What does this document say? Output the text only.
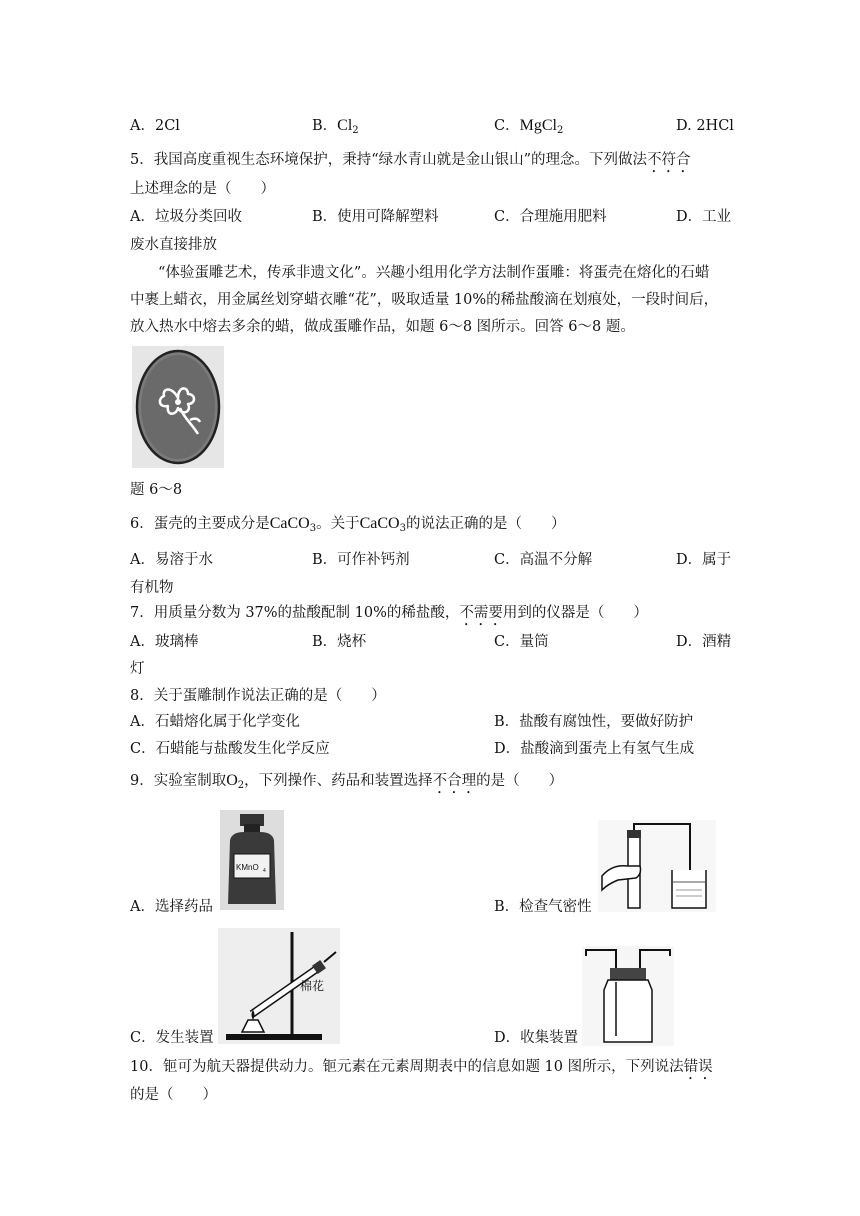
A．2Cl	B．$Cl_2$	C．MgCl$_2$	D. 2HCl
5．我国高度重视生态环境保护，秉持“绿水青山就是金山银山”的理念。下列做法不符合
上述理念的是（　　）
A．垃圾分类回收	B．使用可降解塑料	C．合理施用肥料	D．工业
废水直接排放
“体验蛋雕艺术，传承非遗文化”。兴趣小组用化学方法制作蛋雕：将蛋壳在熔化的石蜡
中裹上蜡衣，用金属丝划穿蜡衣雕“花”，吸取适量 10%的稀盐酸滴在划痕处，一段时间后，
放入热水中熔去多余的蜡，做成蛋雕作品，如题 6～8 图所示。回答 6～8 题。
题 6～8
6．蛋壳的主要成分是CaCO$_3$。关于CaCO$_3$的说法正确的是（　　）
A．易溶于水	B．可作补钙剂	C．高温不分解	D．属于
有机物
7．用质量分数为 37%的盐酸配制 10%的稀盐酸，不需要用到的仪器是（　　）
A．玻璃棒	B．烧杯	C．量筒	D．酒精
灯
8．关于蛋雕制作说法正确的是（　　）
A．石蜡熔化属于化学变化	B．盐酸有腐蚀性，要做好防护
C．石蜡能与盐酸发生化学反应	D．盐酸滴到蛋壳上有氢气生成
9．实验室制取$O_2$，下列操作、药品和装置选择不合理的是（　　）
KMnO 4
A．选择药品	B．检查气密性
棉花
C．发生装置	D．收集装置
10．钷可为航天器提供动力。钷元素在元素周期表中的信息如题 10 图所示，下列说法错误
的是（　　）
